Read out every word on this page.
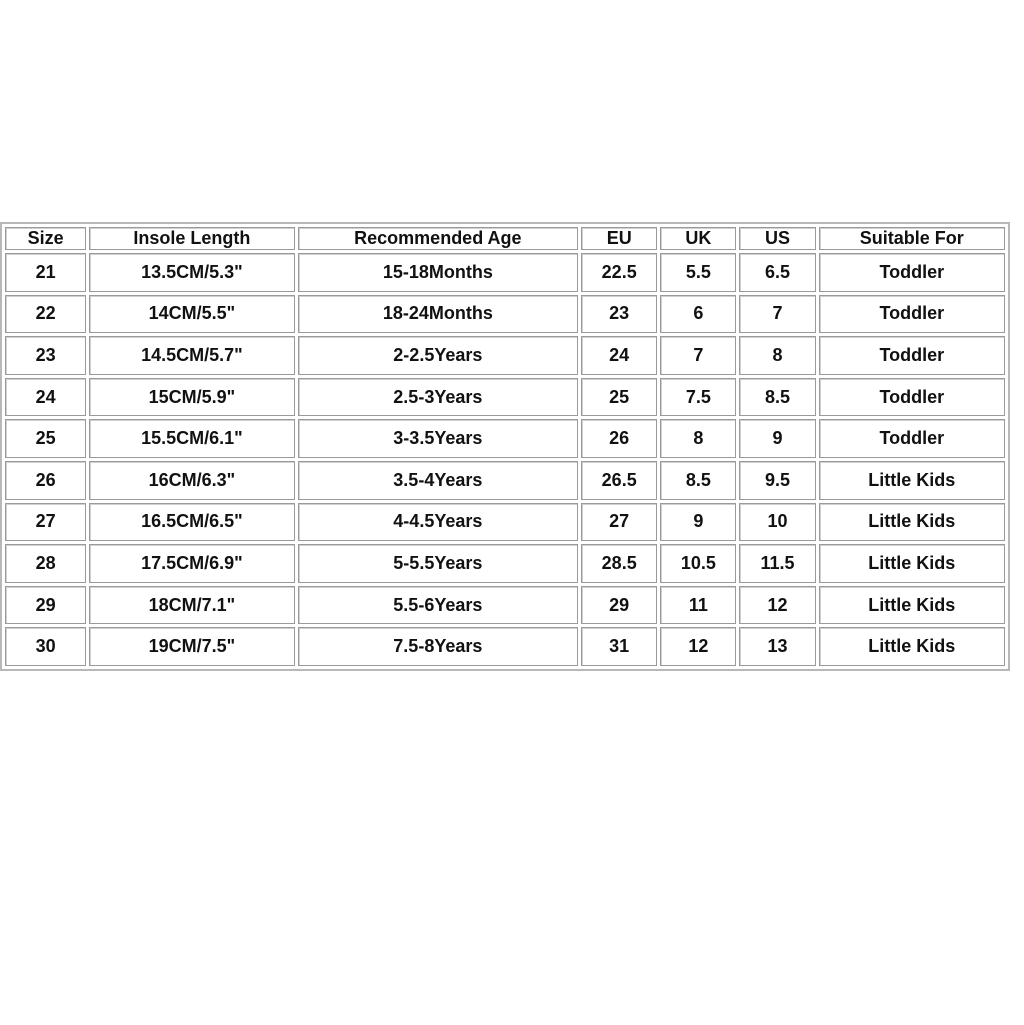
Size	Insole Length	Recommended Age	EU	UK	US	Suitable For
21	13.5CM/5.3"	15-18Months	22.5	5.5	6.5	Toddler
22	14CM/5.5"	18-24Months	23	6	7	Toddler
23	14.5CM/5.7"	2-2.5Years	24	7	8	Toddler
24	15CM/5.9"	2.5-3Years	25	7.5	8.5	Toddler
25	15.5CM/6.1"	3-3.5Years	26	8	9	Toddler
26	16CM/6.3"	3.5-4Years	26.5	8.5	9.5	Little Kids
27	16.5CM/6.5"	4-4.5Years	27	9	10	Little Kids
28	17.5CM/6.9"	5-5.5Years	28.5	10.5	11.5	Little Kids
29	18CM/7.1"	5.5-6Years	29	11	12	Little Kids
30	19CM/7.5"	7.5-8Years	31	12	13	Little Kids
